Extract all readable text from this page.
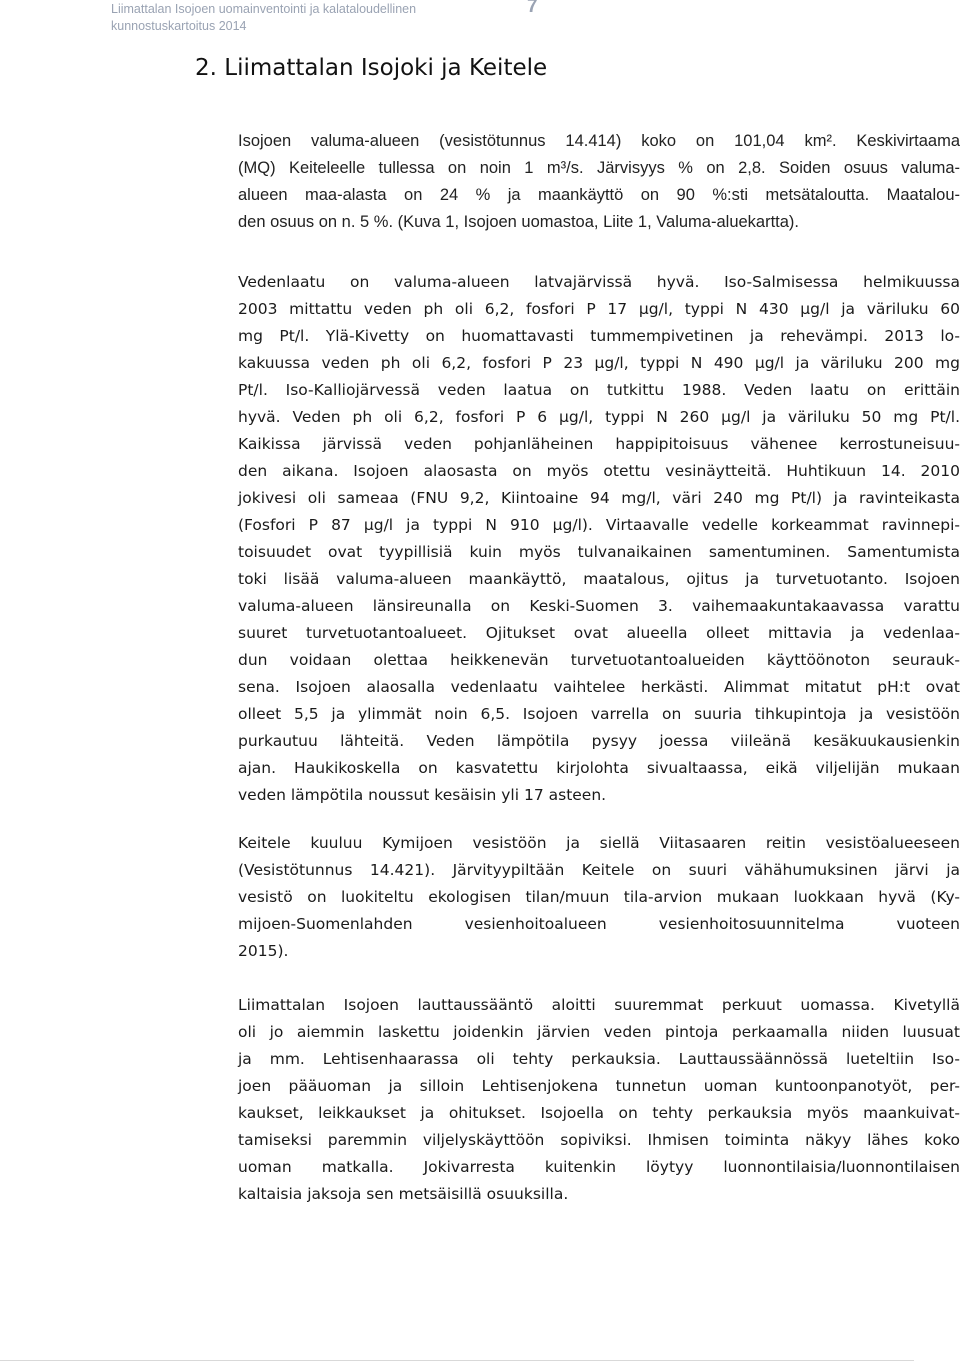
Liimattalan Isojoen uomainventointi ja kalataloudellinen
kunnostuskartoitus 2014
7
2. Liimattalan Isojoki ja Keitele
Isojoen valuma-alueen (vesistötunnus 14.414) koko on 101,04 km². Keskivirtaama
(MQ) Keiteleelle tullessa on noin 1 m³/s. Järvisyys % on 2,8. Soiden osuus valuma-
alueen maa-alasta on 24 % ja maankäyttö on 90 %:sti metsätaloutta. Maatalou-
den osuus on n. 5 %. (Kuva 1, Isojoen uomastoa, Liite 1, Valuma-aluekartta).
Vedenlaatu on valuma-alueen latvajärvissä hyvä. Iso-Salmisessa helmikuussa
2003 mittattu veden ph oli 6,2, fosfori P 17 µg/l, typpi N 430 µg/l ja väriluku 60
mg Pt/l. Ylä-Kivetty on huomattavasti tummempivetinen ja rehevämpi. 2013 lo-
kakuussa veden ph oli 6,2, fosfori P 23 µg/l, typpi N 490 µg/l ja väriluku 200 mg
Pt/l. Iso-Kalliojärvessä veden laatua on tutkittu 1988. Veden laatu on erittäin
hyvä. Veden ph oli 6,2, fosfori P 6 µg/l, typpi N 260 µg/l ja väriluku 50 mg Pt/l.
Kaikissa järvissä veden pohjanläheinen happipitoisuus vähenee kerrostuneisuu-
den aikana. Isojoen alaosasta on myös otettu vesinäytteitä. Huhtikuun 14. 2010
jokivesi oli sameaa (FNU 9,2, Kiintoaine 94 mg/l, väri 240 mg Pt/l) ja ravinteikasta
(Fosfori P 87 µg/l ja typpi N 910 µg/l). Virtaavalle vedelle korkeammat ravinnepi-
toisuudet ovat tyypillisiä kuin myös tulvanaikainen samentuminen. Samentumista
toki lisää valuma-alueen maankäyttö, maatalous, ojitus ja turvetuotanto. Isojoen
valuma-alueen länsireunalla on Keski-Suomen 3. vaihemaakuntakaavassa varattu
suuret turvetuotantoalueet. Ojitukset ovat alueella olleet mittavia ja vedenlaa-
dun voidaan olettaa heikkenevän turvetuotantoalueiden käyttöönoton seurauk-
sena. Isojoen alaosalla vedenlaatu vaihtelee herkästi. Alimmat mitatut pH:t ovat
olleet 5,5 ja ylimmät noin 6,5. Isojoen varrella on suuria tihkupintoja ja vesistöön
purkautuu lähteitä. Veden lämpötila pysyy joessa viileänä kesäkuukausienkin
ajan. Haukikoskella on kasvatettu kirjolohta sivualtaassa, eikä viljelijän mukaan
veden lämpötila noussut kesäisin yli 17 asteen.
Keitele kuuluu Kymijoen vesistöön ja siellä Viitasaaren reitin vesistöalueeseen
(Vesistötunnus 14.421). Järvityypiltään Keitele on suuri vähähumuksinen järvi ja
vesistö on luokiteltu ekologisen tilan/muun tila-arvion mukaan luokkaan hyvä (Ky-
mijoen-Suomenlahden vesienhoitoalueen vesienhoitosuunnitelma vuoteen
2015).
Liimattalan Isojoen lauttaussääntö aloitti suuremmat perkuut uomassa. Kivetyllä
oli jo aiemmin laskettu joidenkin järvien veden pintoja perkaamalla niiden luusuat
ja mm. Lehtisenhaarassa oli tehty perkauksia. Lauttaussäännössä lueteltiin Iso-
joen pääuoman ja silloin Lehtisenjokena tunnetun uoman kuntoonpanotyöt, per-
kaukset, leikkaukset ja ohitukset. Isojoella on tehty perkauksia myös maankuivat-
tamiseksi paremmin viljelyskäyttöön sopiviksi. Ihmisen toiminta näkyy lähes koko
uoman matkalla. Jokivarresta kuitenkin löytyy luonnontilaisia/luonnontilaisen
kaltaisia jaksoja sen metsäisillä osuuksilla.
